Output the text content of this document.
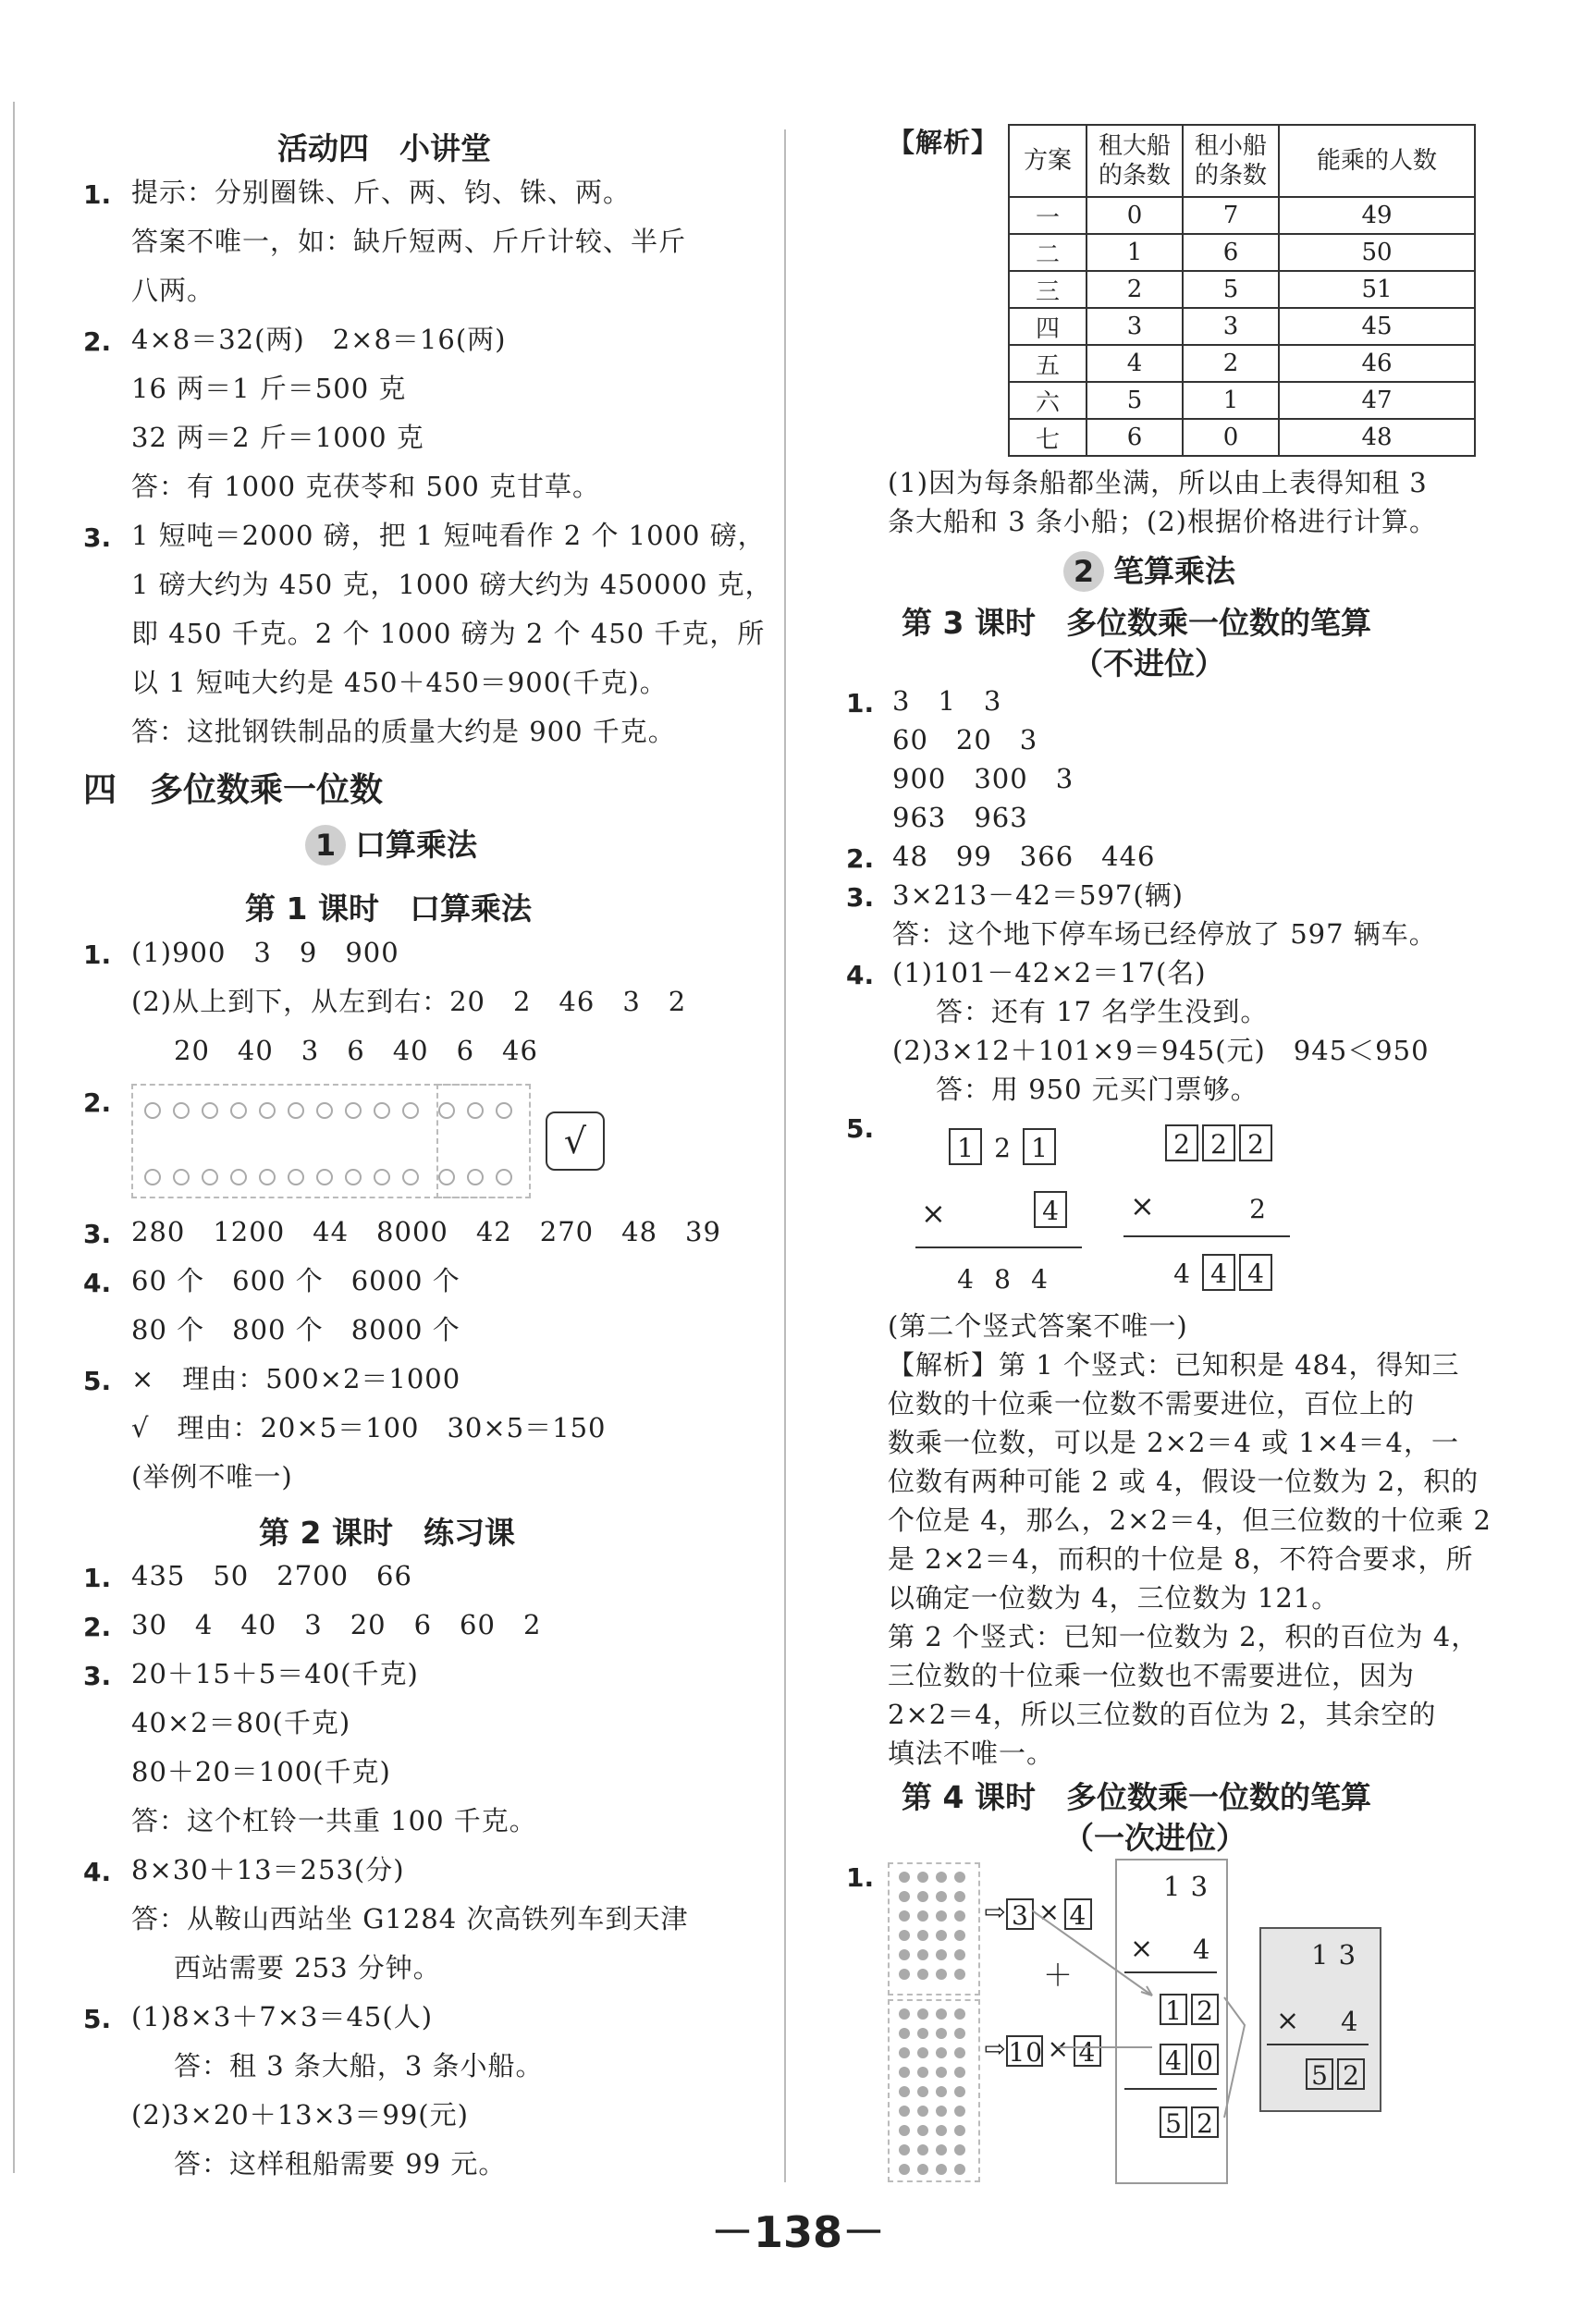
活动四　小讲堂
1. 提示：分别圈铢、斤、两、钧、铢、两。
答案不唯一，如：缺斤短两、斤斤计较、半斤
八两。
2. 4×8＝32(两)　2×8＝16(两)
16 两＝1 斤＝500 克
32 两＝2 斤＝1000 克
答：有 1000 克茯苓和 500 克甘草。
3. 1 短吨＝2000 磅，把 1 短吨看作 2 个 1000 磅，
1 磅大约为 450 克，1000 磅大约为 450000 克，
即 450 千克。2 个 1000 磅为 2 个 450 千克，所
以 1 短吨大约是 450＋450＝900(千克)。
答：这批钢铁制品的质量大约是 900 千克。
四　多位数乘一位数
1 口算乘法
第 1 课时　口算乘法
1. (1)900　3　9　900
(2)从上到下，从左到右：20　2　46　3　2
20　40　3　6　40　6　46
2.
√
3. 280　1200　44　8000　42　270　48　39
4. 60 个　600 个　6000 个
80 个　800 个　8000 个
5. ×　理由：500×2＝1000
√　理由：20×5＝100　30×5＝150
(举例不唯一)
第 2 课时　练习课
1. 435　50　2700　66
2. 30　4　40　3　20　6　60　2
3. 20＋15＋5＝40(千克)
40×2＝80(千克)
80＋20＝100(千克)
答：这个杠铃一共重 100 千克。
4. 8×30＋13＝253(分)
答：从鞍山西站坐 G1284 次高铁列车到天津
西站需要 253 分钟。
5. (1)8×3＋7×3＝45(人)
答：租 3 条大船，3 条小船。
(2)3×20＋13×3＝99(元)
答：这样租船需要 99 元。
【解析】
方案	租大船的条数	租小船的条数	能乘的人数
一	0	7	49
二	1	6	50
三	2	5	51
四	3	3	45
五	4	2	46
六	5	1	47
七	6	0	48
(1)因为每条船都坐满，所以由上表得知租 3
条大船和 3 条小船；(2)根据价格进行计算。
2 笔算乘法
第 3 课时　多位数乘一位数的笔算
（不进位）
1. 3　1　3
60　20　3
900　300　3
963　963
2. 48　99　366　446
3. 3×213－42＝597(辆)
答：这个地下停车场已经停放了 597 辆车。
4. (1)101－42×2＝17(名)
答：还有 17 名学生没到。
(2)3×12＋101×9＝945(元)　945＜950
答：用 950 元买门票够。
5.
1 2 1
×	4
4 8 4
2 2 2
×	2
4 4 4
(第二个竖式答案不唯一)
【解析】第 1 个竖式：已知积是 484，得知三
位数的十位乘一位数不需要进位，百位上的
数乘一位数，可以是 2×2＝4 或 1×4＝4，一
位数有两种可能 2 或 4，假设一位数为 2，积的
个位是 4，那么，2×2＝4，但三位数的十位乘 2
是 2×2＝4，而积的十位是 8，不符合要求，所
以确定一位数为 4，三位数为 121。
第 2 个竖式：已知一位数为 2，积的百位为 4，
三位数的十位乘一位数也不需要进位，因为
2×2＝4，所以三位数的百位为 2，其余空的
填法不唯一。
第 4 课时　多位数乘一位数的笔算
（一次进位）
1.
⇨ 3 × 4
＋
⇨10 × 4
1 3
× 4
1 2
4 0
5 2
1 3
× 4
5 2
－138－
